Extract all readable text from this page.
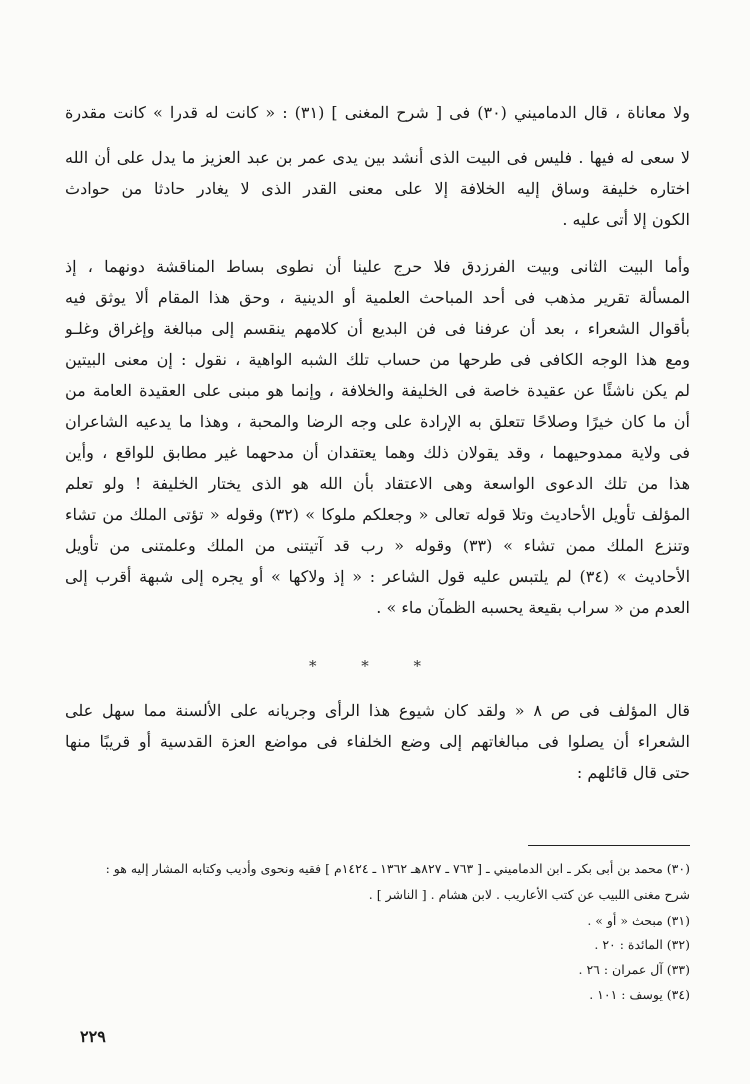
ولا معاناة ، قال الدماميني (٣٠) فى [ شرح المغنى ] (٣١) : « كانت له قدرا » كانت مقدرة
لا سعى له فيها . فليس فى البيت الذى أنشد بين يدى عمر بن عبد العزيز ما يدل على أن الله
اختاره خليفة وساق إليه الخلافة إلا على معنى القدر الذى لا يغادر حادثا من حوادث
الكون إلا أتى عليه .
وأما البيت الثانى وبيت الفرزدق فلا حرج علينا أن نطوى بساط المناقشة دونهما ، إذ
المسألة تقرير مذهب فى أحد المباحث العلمية أو الدينية ، وحق هذا المقام ألا يوثق فيه
بأقوال الشعراء ، بعد أن عرفنا فى فن البديع أن كلامهم ينقسم إلى مبالغة وإغراق وغلـو
ومع هذا الوجه الكافى فى طرحها من حساب تلك الشبه الواهية ، نقول : إن معنى البيتين
لم يكن ناشئًا عن عقيدة خاصة فى الخليفة والخلافة ، وإنما هو مبنى على العقيدة العامة من
أن ما كان خيرًا وصلاحًا تتعلق به الإرادة على وجه الرضا والمحبة ، وهذا ما يدعيه الشاعران
فى ولاية ممدوحيهما ، وقد يقولان ذلك وهما يعتقدان أن مدحهما غير مطابق للواقع ، وأين
هذا من تلك الدعوى الواسعة وهى الاعتقاد بأن الله هو الذى يختار الخليفة ! ولو تعلم
المؤلف تأويل الأحاديث وتلا قوله تعالى « وجعلكم ملوكا » (٣٢) وقوله « تؤتى الملك من تشاء
وتنزع الملك ممن تشاء » (٣٣) وقوله « رب قد آتيتنى من الملك وعلمتنى من تأويل
الأحاديث » (٣٤) لم يلتبس عليه قول الشاعر : « إذ ولاكها » أو يجره إلى شبهة أقرب إلى
العدم من « سراب بقيعة يحسبه الظمآن ماء » .
* * *
قال المؤلف فى ص ٨ « ولقد كان شيوع هذا الرأى وجريانه على الألسنة مما سهل على
الشعراء أن يصلوا فى مبالغاتهم إلى وضع الخلفاء فى مواضع العزة القدسية أو قريبًا منها
حتى قال قائلهم :
(٣٠) محمد بن أبى بكر ـ ابن الدماميني ـ [ ٧٦٣ ـ ٨٢٧هـ ١٣٦٢ ـ ١٤٢٤م ] فقيه ونحوى وأديب وكتابه المشار إليه هو :
شرح مغنى اللبيب عن كتب الأعاريب . لابن هشام . [ الناشر ] .
(٣١) مبحث « أو » .
(٣٢) المائدة : ٢٠ .
(٣٣) آل عمران : ٢٦ .
(٣٤) يوسف : ١٠١ .
٢٢٩
